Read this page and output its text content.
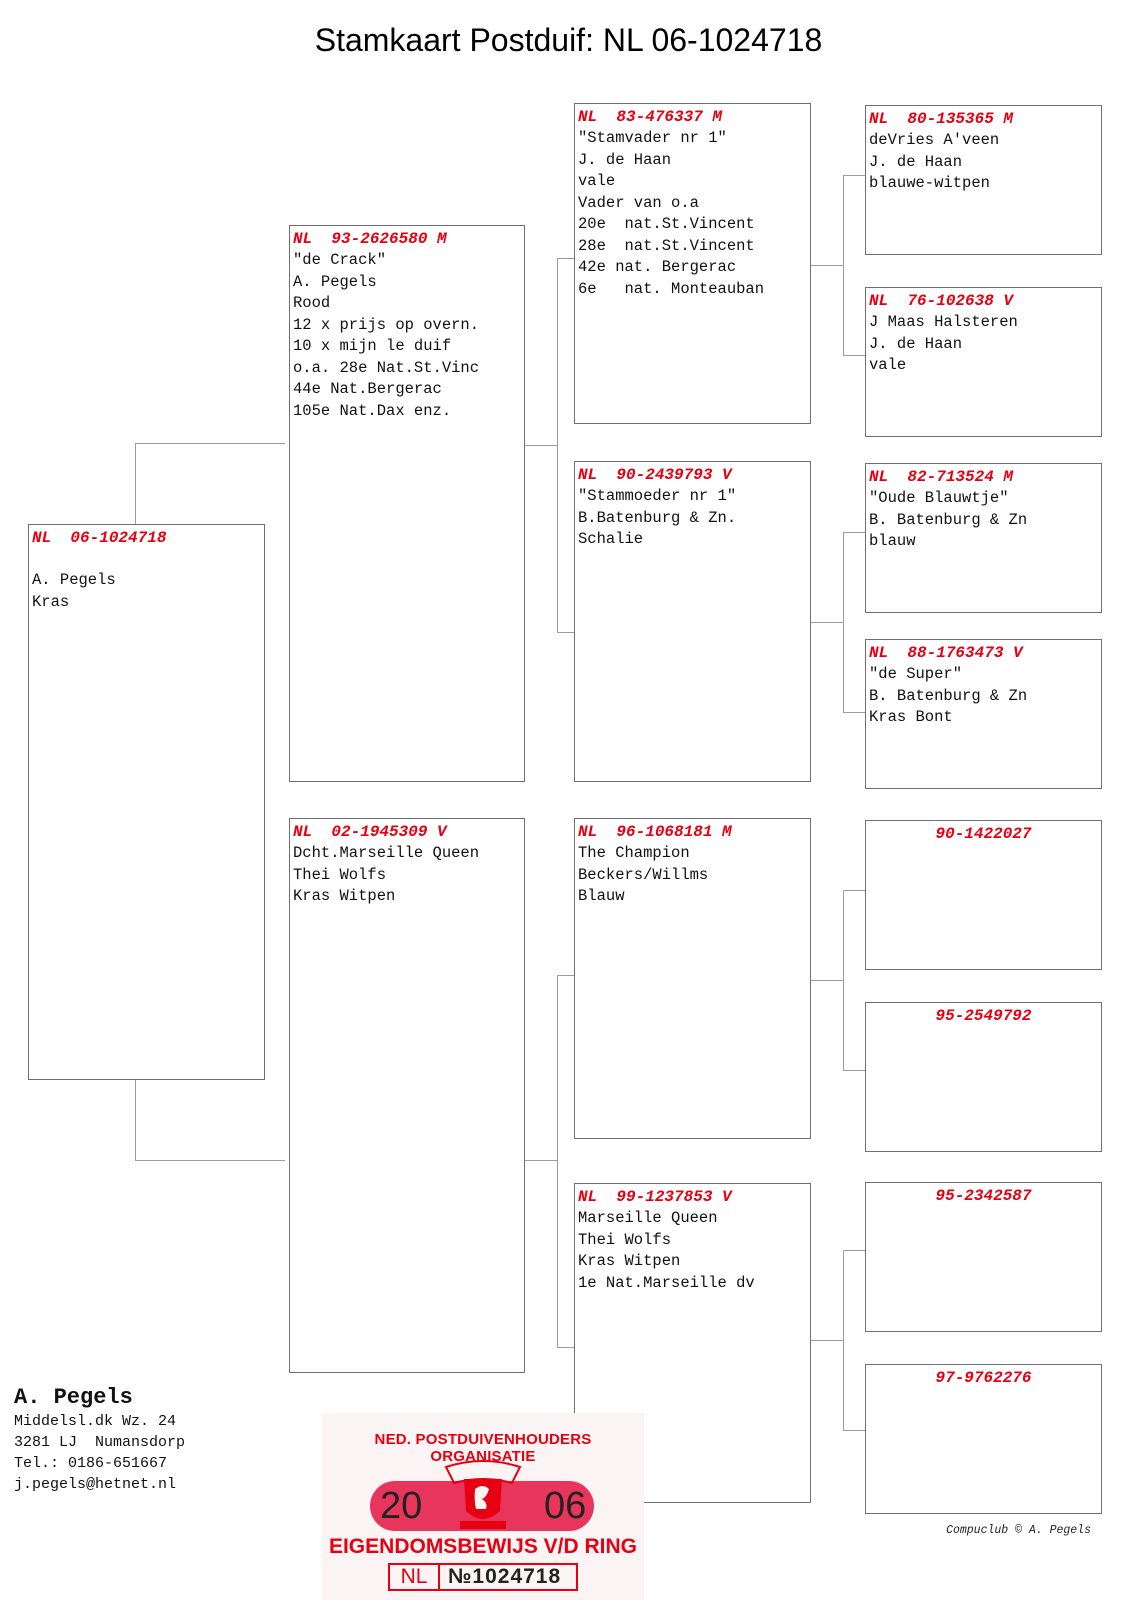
Stamkaart Postduif: NL 06-1024718
NL  06-1024718
A. Pegels
Kras
NL  93-2626580 M
"de Crack"
A. Pegels
Rood
12 x prijs op overn.
10 x mijn le duif
o.a. 28e Nat.St.Vinc
44e Nat.Bergerac
105e Nat.Dax enz.
NL  02-1945309 V
Dcht.Marseille Queen
Thei Wolfs
Kras Witpen
NL  83-476337 M
"Stamvader nr 1"
J. de Haan
vale
Vader van o.a
20e  nat.St.Vincent
28e  nat.St.Vincent
42e nat. Bergerac
6e   nat. Monteauban
NL  90-2439793 V
"Stammoeder nr 1"
B.Batenburg & Zn.
Schalie
NL  96-1068181 M
The Champion
Beckers/Willms
Blauw
NL  99-1237853 V
Marseille Queen
Thei Wolfs
Kras Witpen
1e Nat.Marseille dv
NL  80-135365 M
deVries A'veen
J. de Haan
blauwe-witpen
NL  76-102638 V
J Maas Halsteren
J. de Haan
vale
NL  82-713524 M
"Oude Blauwtje"
B. Batenburg & Zn
blauw
NL  88-1763473 V
"de Super"
B. Batenburg & Zn
Kras Bont
90-1422027
95-2549792
95-2342587
97-9762276
A. Pegels
Middelsl.dk Wz. 24
3281 LJ  Numansdorp
Tel.: 0186-651667
j.pegels@hetnet.nl
NED. POSTDUIVENHOUDERS ORGANISATIE
20	06
EIGENDOMSBEWIJS V/D RING
NL №1024718
Compuclub © A. Pegels
